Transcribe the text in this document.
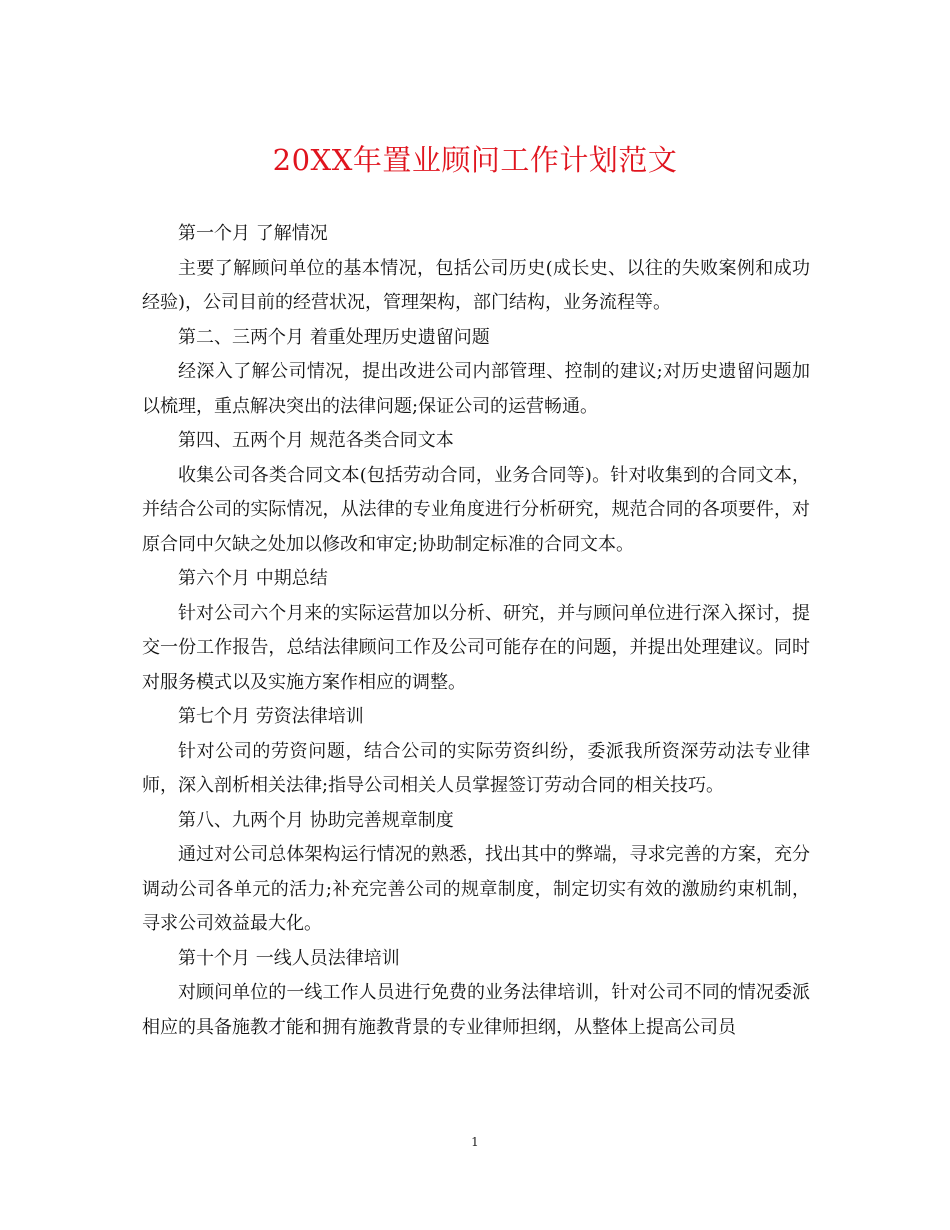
20XX年置业顾问工作计划范文

第一个月 了解情况

主要了解顾问单位的基本情况，包括公司历史(成长史、以往的失败案例和成功经验)，公司目前的经营状况，管理架构，部门结构，业务流程等。

第二、三两个月 着重处理历史遗留问题

经深入了解公司情况，提出改进公司内部管理、控制的建议;对历史遗留问题加以梳理，重点解决突出的法律问题;保证公司的运营畅通。

第四、五两个月 规范各类合同文本

收集公司各类合同文本(包括劳动合同，业务合同等)。针对收集到的合同文本，并结合公司的实际情况，从法律的专业角度进行分析研究，规范合同的各项要件，对原合同中欠缺之处加以修改和审定;协助制定标准的合同文本。

第六个月 中期总结

针对公司六个月来的实际运营加以分析、研究，并与顾问单位进行深入探讨，提交一份工作报告，总结法律顾问工作及公司可能存在的问题，并提出处理建议。同时对服务模式以及实施方案作相应的调整。

第七个月 劳资法律培训

针对公司的劳资问题，结合公司的实际劳资纠纷，委派我所资深劳动法专业律师，深入剖析相关法律;指导公司相关人员掌握签订劳动合同的相关技巧。

第八、九两个月 协助完善规章制度

通过对公司总体架构运行情况的熟悉，找出其中的弊端，寻求完善的方案，充分调动公司各单元的活力;补充完善公司的规章制度，制定切实有效的激励约束机制，寻求公司效益最大化。

第十个月 一线人员法律培训

对顾问单位的一线工作人员进行免费的业务法律培训，针对公司不同的情况委派相应的具备施教才能和拥有施教背景的专业律师担纲，从整体上提高公司员

1
